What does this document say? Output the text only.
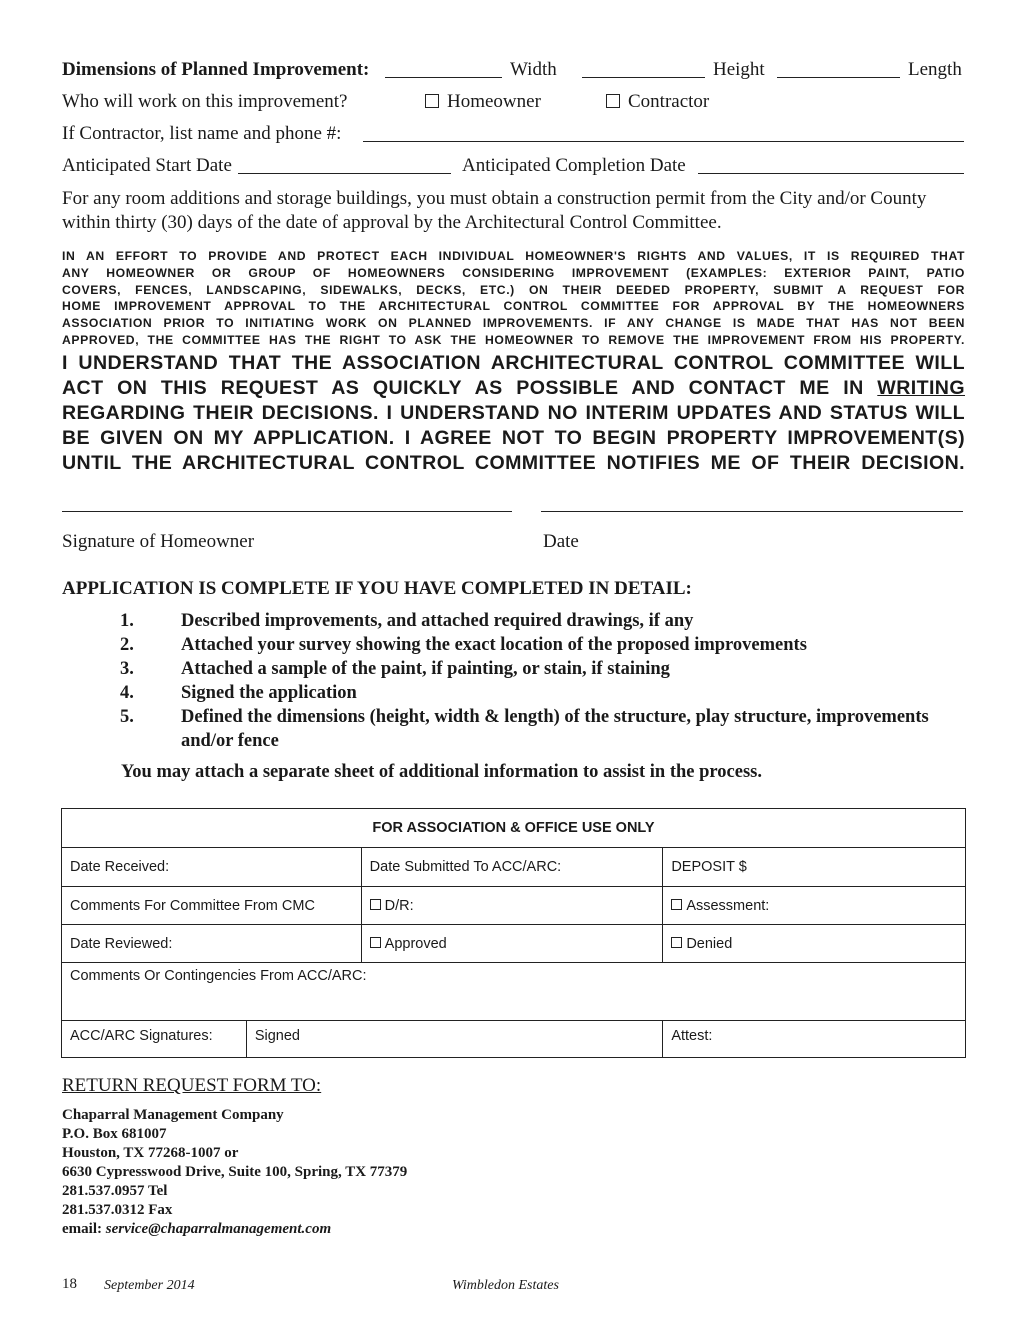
Dimensions of Planned Improvement:	Width	Height	Length
Who will work on this improvement?	Homeowner	Contractor
If Contractor, list name and phone #:
Anticipated Start Date	Anticipated Completion Date
For any room additions and storage buildings, you must obtain a construction permit from the City and/or County within thirty (30) days of the date of approval by the Architectural Control Committee.
IN AN EFFORT TO PROVIDE AND PROTECT EACH INDIVIDUAL HOMEOWNER'S RIGHTS AND VALUES, IT IS REQUIRED THAT
ANY HOMEOWNER OR GROUP OF HOMEOWNERS CONSIDERING IMPROVEMENT (EXAMPLES: EXTERIOR PAINT, PATIO
COVERS, FENCES, LANDSCAPING, SIDEWALKS, DECKS, ETC.) ON THEIR DEEDED PROPERTY, SUBMIT A REQUEST FOR
HOME IMPROVEMENT APPROVAL TO THE ARCHITECTURAL CONTROL COMMITTEE FOR APPROVAL BY THE HOMEOWNERS
ASSOCIATION PRIOR TO INITIATING WORK ON PLANNED IMPROVEMENTS. IF ANY CHANGE IS MADE THAT HAS NOT BEEN
APPROVED, THE COMMITTEE HAS THE RIGHT TO ASK THE HOMEOWNER TO REMOVE THE IMPROVEMENT FROM HIS PROPERTY.
I UNDERSTAND THAT THE ASSOCIATION ARCHITECTURAL CONTROL COMMITTEE WILL
ACT ON THIS REQUEST AS QUICKLY AS POSSIBLE AND CONTACT ME IN WRITING
REGARDING THEIR DECISIONS. I UNDERSTAND NO INTERIM UPDATES AND STATUS WILL
BE GIVEN ON MY APPLICATION. I AGREE NOT TO BEGIN PROPERTY IMPROVEMENT(S)
UNTIL THE ARCHITECTURAL CONTROL COMMITTEE NOTIFIES ME OF THEIR DECISION.
Signature of Homeowner	Date
APPLICATION IS COMPLETE IF YOU HAVE COMPLETED IN DETAIL:
1.	Described improvements, and attached required drawings, if any
2.	Attached your survey showing the exact location of the proposed improvements
3.	Attached a sample of the paint, if painting, or stain, if staining
4.	Signed the application
5.	Defined the dimensions (height, width & length) of the structure, play structure, improvements and/or fence
You may attach a separate sheet of additional information to assist in the process.
FOR ASSOCIATION & OFFICE USE ONLY			
Date Received:		Date Submitted To ACC/ARC:	DEPOSIT $
Comments For Committee From CMC		D/R:	Assessment:
Date Reviewed:		Approved	Denied
Comments Or Contingencies From ACC/ARC:			
ACC/ARC Signatures:	Signed		Attest:
RETURN REQUEST FORM TO:
Chaparral Management Company
P.O. Box 681007
Houston, TX 77268-1007 or
6630 Cypresswood Drive, Suite 100, Spring, TX 77379
281.537.0957 Tel
281.537.0312 Fax
email: service@chaparralmanagement.com
18 September 2014	Wimbledon Estates
